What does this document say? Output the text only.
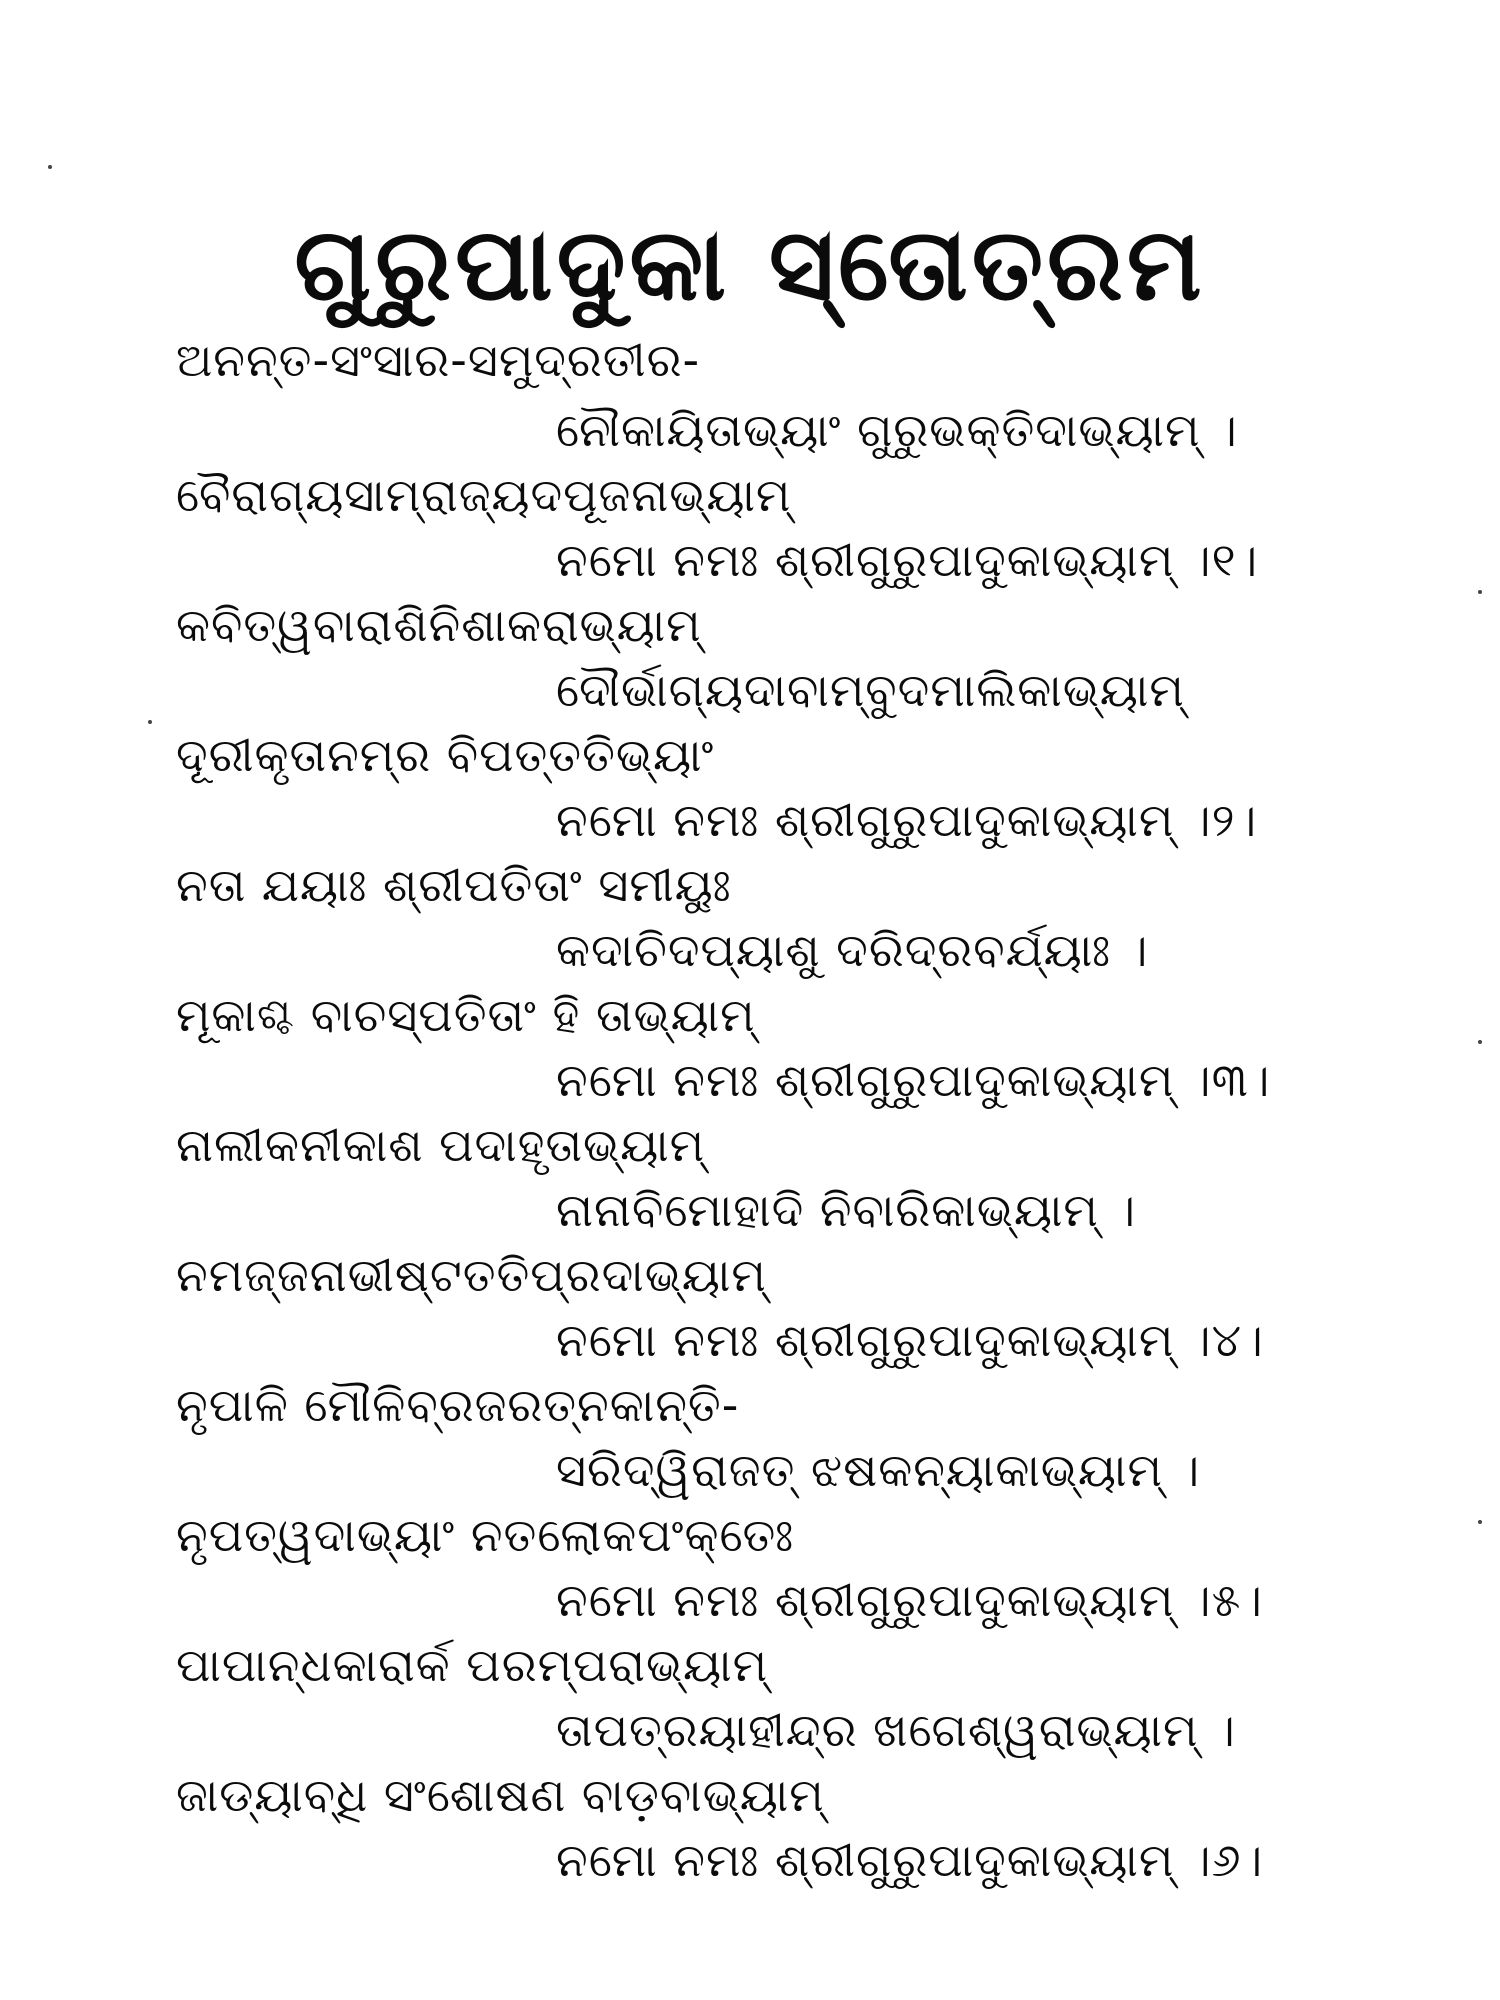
ଗୁରୁପାଦୁକା ସ୍ତୋତ୍ରମ
ଅନନ୍ତ-ସଂସାର-ସମୁଦ୍ରତୀର-
ନୌକାୟିତାଭ୍ୟାଂ ଗୁରୁଭକ୍ତିଦାଭ୍ୟାମ୍ ।
ବୈରାଗ୍ୟସାମ୍ରାଜ୍ୟଦପୂଜନାଭ୍ୟାମ୍
ନମୋ ନମଃ ଶ୍ରୀଗୁରୁପାଦୁକାଭ୍ୟାମ୍ ।୧।
କବିତ୍ୱବାରାଶିନିଶାକରାଭ୍ୟାମ୍
ଦୌର୍ଭାଗ୍ୟଦାବାମ୍ବୁଦମାଲିକାଭ୍ୟାମ୍
ଦୂରୀକୃତାନମ୍ର ବିପତ୍ତତିଭ୍ୟାଂ
ନମୋ ନମଃ ଶ୍ରୀଗୁରୁପାଦୁକାଭ୍ୟାମ୍ ।୨।
ନତା ଯୟାଃ ଶ୍ରୀପତିତାଂ ସମୀୟୁଃ
କଦାଚିଦପ୍ୟାଶୁ ଦରିଦ୍ରବର୍ଯ୍ୟାଃ ।
ମୂକାଶ୍ଚ ବାଚସ୍ପତିତାଂ ହି ତାଭ୍ୟାମ୍
ନମୋ ନମଃ ଶ୍ରୀଗୁରୁପାଦୁକାଭ୍ୟାମ୍ ।୩।
ନାଲୀକନୀକାଶ ପଦାହୃତାଭ୍ୟାମ୍
ନାନାବିମୋହାଦି ନିବାରିକାଭ୍ୟାମ୍ ।
ନମଜ୍ଜନାଭୀଷ୍ଟତତିପ୍ରଦାଭ୍ୟାମ୍
ନମୋ ନମଃ ଶ୍ରୀଗୁରୁପାଦୁକାଭ୍ୟାମ୍ ।୪।
ନୃପାଳି ମୌଳିବ୍ରଜରତ୍ନକାନ୍ତି-
ସରିଦ୍ୱିରାଜତ୍ ଝଷକନ୍ୟାକାଭ୍ୟାମ୍ ।
ନୃପତ୍ୱଦାଭ୍ୟାଂ ନତଲୋକପଂକ୍ତେଃ
ନମୋ ନମଃ ଶ୍ରୀଗୁରୁପାଦୁକାଭ୍ୟାମ୍ ।୫।
ପାପାନ୍ଧକାରାର୍କ ପରମ୍ପରାଭ୍ୟାମ୍
ତାପତ୍ରୟାହୀନ୍ଦ୍ର ଖଗେଶ୍ୱରାଭ୍ୟାମ୍ ।
ଜାଡ୍ୟାବ୍ଧି ସଂଶୋଷଣ ବାଡ଼ବାଭ୍ୟାମ୍
ନମୋ ନମଃ ଶ୍ରୀଗୁରୁପାଦୁକାଭ୍ୟାମ୍ ।୬।
